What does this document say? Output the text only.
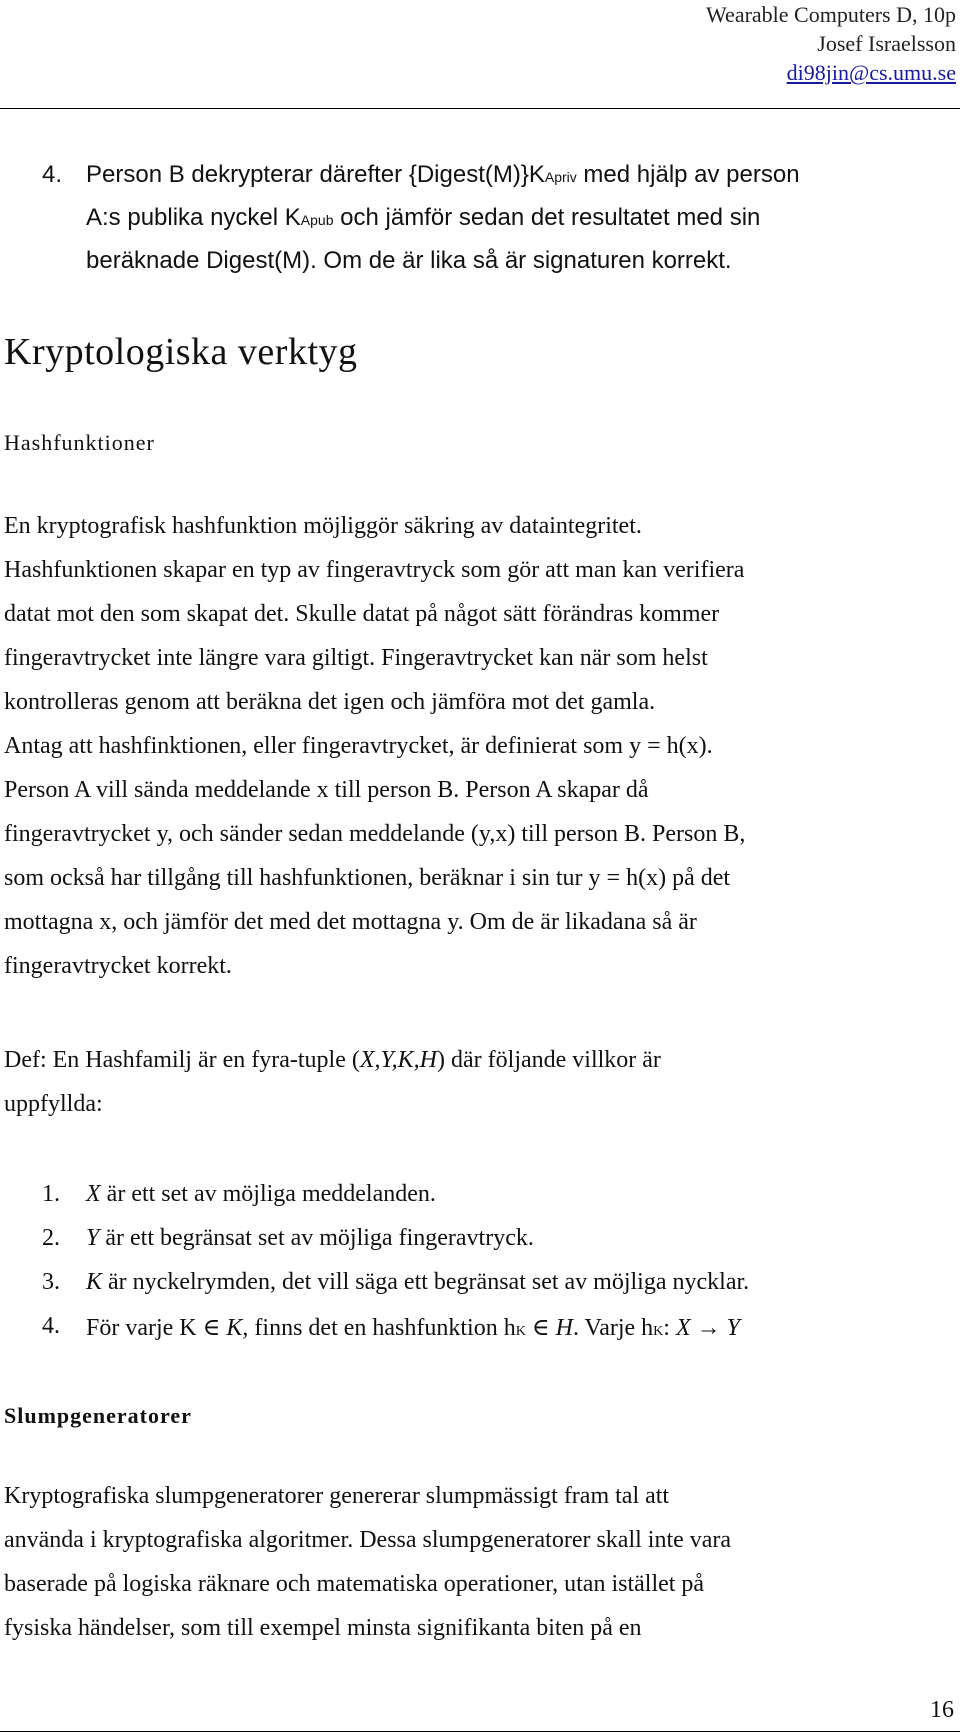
Wearable Computers D, 10p
Josef Israelsson
di98jin@cs.umu.se
4. Person B dekrypterar därefter {Digest(M)}KApriv med hjälp av person
A:s publika nyckel KApub och jämför sedan det resultatet med sin
beräknade Digest(M). Om de är lika så är signaturen korrekt.
Kryptologiska verktyg
Hashfunktioner
En kryptografisk hashfunktion möjliggör säkring av dataintegritet.
Hashfunktionen skapar en typ av fingeravtryck som gör att man kan verifiera
datat mot den som skapat det. Skulle datat på något sätt förändras kommer
fingeravtrycket inte längre vara giltigt. Fingeravtrycket kan när som helst
kontrolleras genom att beräkna det igen och jämföra mot det gamla.
Antag att hashfinktionen, eller fingeravtrycket, är definierat som y = h(x).
Person A vill sända meddelande x till person B. Person A skapar då
fingeravtrycket y, och sänder sedan meddelande (y,x) till person B. Person B,
som också har tillgång till hashfunktionen, beräknar i sin tur y = h(x) på det
mottagna x, och jämför det med det mottagna y. Om de är likadana så är
fingeravtrycket korrekt.
Def: En Hashfamilj är en fyra-tuple (X,Y,K,H) där följande villkor är
uppfyllda:
1. X är ett set av möjliga meddelanden.
2. Y är ett begränsat set av möjliga fingeravtryck.
3. K är nyckelrymden, det vill säga ett begränsat set av möjliga nycklar.
4. För varje K ∈ K, finns det en hashfunktion hK ∈ H. Varje hK: X → Y
Slumpgeneratorer
Kryptografiska slumpgeneratorer genererar slumpmässigt fram tal att
använda i kryptografiska algoritmer. Dessa slumpgeneratorer skall inte vara
baserade på logiska räknare och matematiska operationer, utan istället på
fysiska händelser, som till exempel minsta signifikanta biten på en
16
